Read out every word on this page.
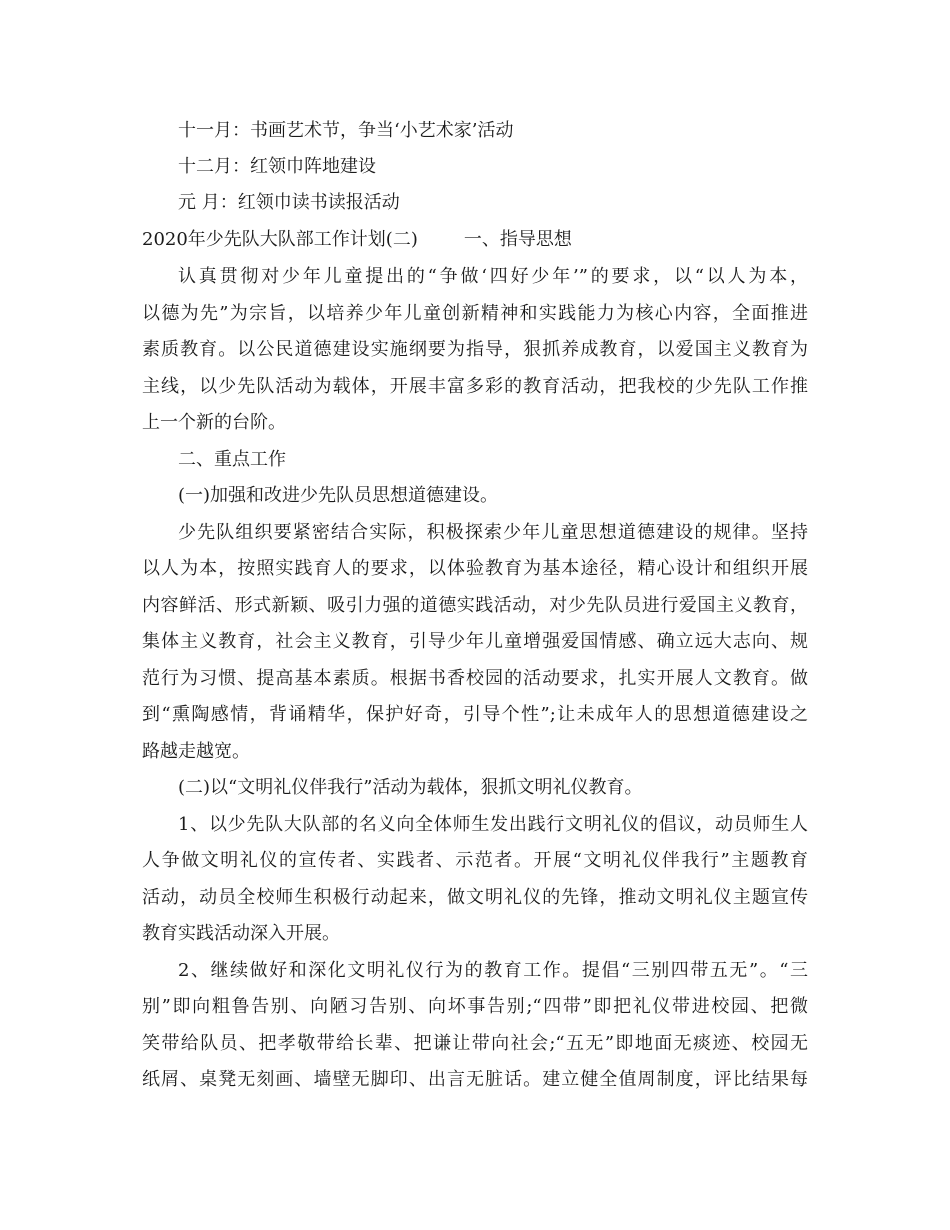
十一月：书画艺术节，争当‘小艺术家’活动
十二月：红领巾阵地建设
元 月：红领巾读书读报活动
2020年少先队大队部工作计划(二)	一、指导思想
认真贯彻对少年儿童提出的“争做‘四好少年’”的要求，以“以人为本，
以德为先”为宗旨，以培养少年儿童创新精神和实践能力为核心内容，全面推进
素质教育。以公民道德建设实施纲要为指导，狠抓养成教育，以爱国主义教育为
主线，以少先队活动为载体，开展丰富多彩的教育活动，把我校的少先队工作推
上一个新的台阶。
二、重点工作
(一)加强和改进少先队员思想道德建设。
少先队组织要紧密结合实际，积极探索少年儿童思想道德建设的规律。坚持
以人为本，按照实践育人的要求，以体验教育为基本途径，精心设计和组织开展
内容鲜活、形式新颖、吸引力强的道德实践活动，对少先队员进行爱国主义教育，
集体主义教育，社会主义教育，引导少年儿童增强爱国情感、确立远大志向、规
范行为习惯、提高基本素质。根据书香校园的活动要求，扎实开展人文教育。做
到“熏陶感情，背诵精华，保护好奇，引导个性”;让未成年人的思想道德建设之
路越走越宽。
(二)以“文明礼仪伴我行”活动为载体，狠抓文明礼仪教育。
1、以少先队大队部的名义向全体师生发出践行文明礼仪的倡议，动员师生人
人争做文明礼仪的宣传者、实践者、示范者。开展“文明礼仪伴我行”主题教育
活动，动员全校师生积极行动起来，做文明礼仪的先锋，推动文明礼仪主题宣传
教育实践活动深入开展。
2、继续做好和深化文明礼仪行为的教育工作。提倡“三别四带五无”。“三
别”即向粗鲁告别、向陋习告别、向坏事告别;“四带”即把礼仪带进校园、把微
笑带给队员、把孝敬带给长辈、把谦让带向社会;“五无”即地面无痰迹、校园无
纸屑、桌凳无刻画、墙壁无脚印、出言无脏话。建立健全值周制度，评比结果每
